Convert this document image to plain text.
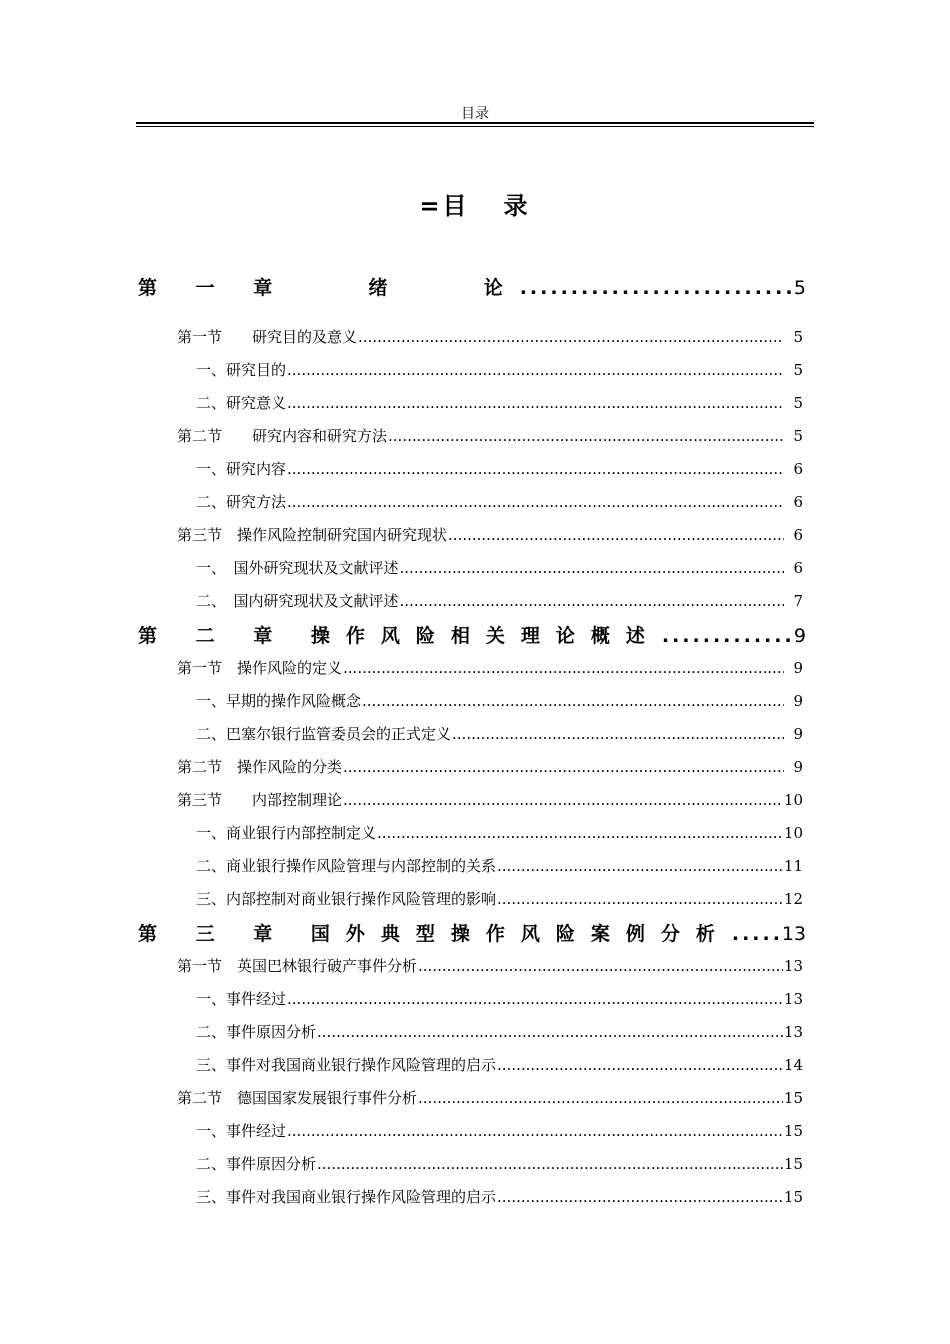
目录
=目 录
第 一 章 　 绪 　 论 .....	5
第一节　　研究目的及意义 .....	5
一、研究目的 .....	5
二、研究意义 .....	5
第二节　　研究内容和研究方法 .....	5
一、研究内容 .....	6
二、研究方法 .....	6
第三节　操作风险控制研究国内研究现状 .....	6
一、　国外研究现状及文献评述 .....	6
二、　国内研究现状及文献评述 .....	7
第 二 章 操作风险相关理论概述 .....	9
第一节　操作风险的定义 .....	9
一、早期的操作风险概念 .....	9
二、巴塞尔银行监管委员会的正式定义 .....	9
第二节　操作风险的分类 .....	9
第三节　　内部控制理论 .....	10
一、商业银行内部控制定义 .....	10
二、商业银行操作风险管理与内部控制的关系 .....	11
三、内部控制对商业银行操作风险管理的影响 .....	12
第 三 章 国外典型操作风险案例分析 .....	13
第一节　英国巴林银行破产事件分析 .....	13
一、事件经过 .....	13
二、事件原因分析 .....	13
三、事件对我国商业银行操作风险管理的启示 .....	14
第二节　德国国家发展银行事件分析 .....	15
一、事件经过 .....	15
二、事件原因分析 .....	15
三、事件对我国商业银行操作风险管理的启示 .....	15
